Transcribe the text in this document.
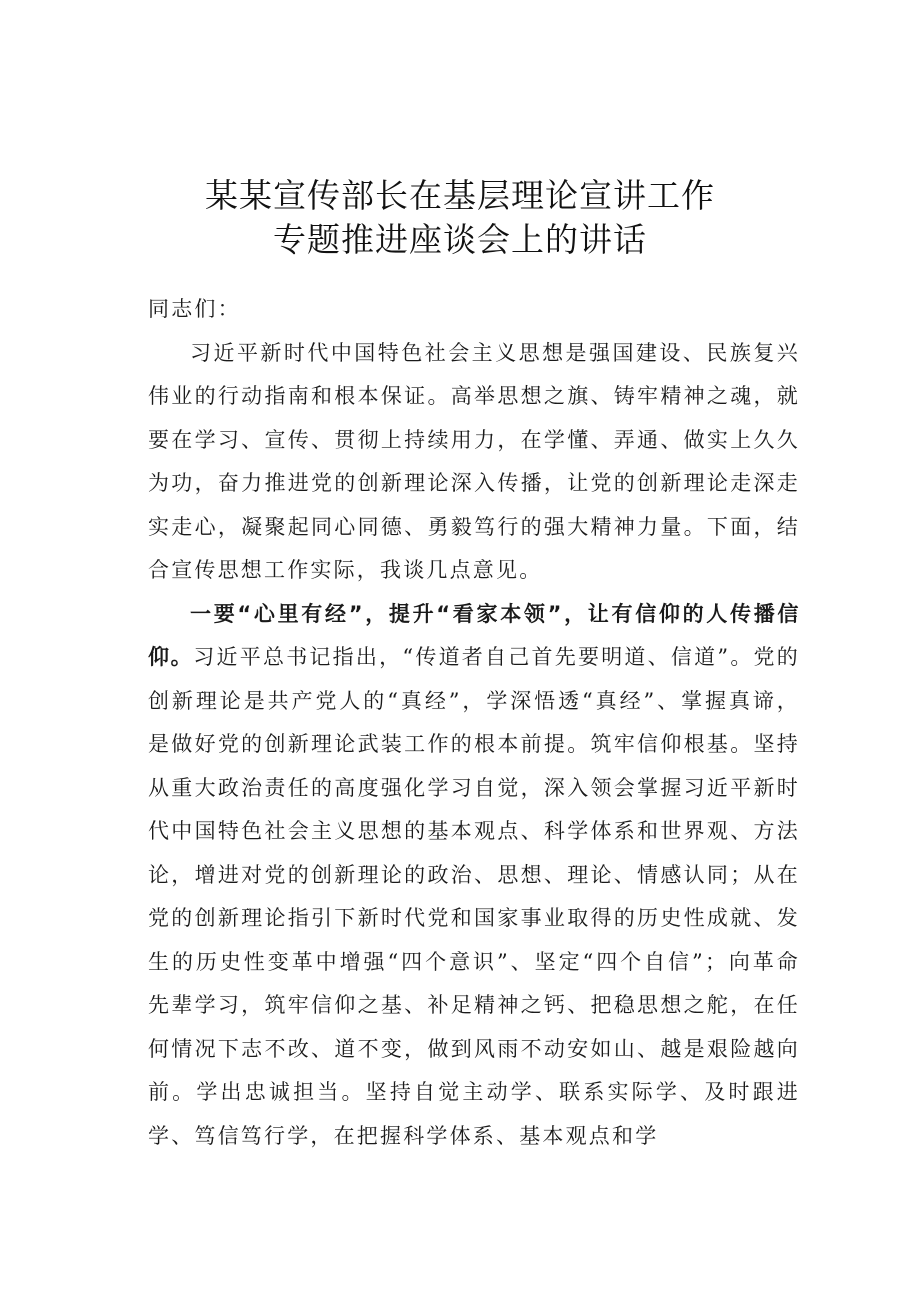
某某宣传部长在基层理论宣讲工作
专题推进座谈会上的讲话

同志们：

习近平新时代中国特色社会主义思想是强国建设、民族复兴伟业的行动指南和根本保证。高举思想之旗、铸牢精神之魂，就要在学习、宣传、贯彻上持续用力，在学懂、弄通、做实上久久为功，奋力推进党的创新理论深入传播，让党的创新理论走深走实走心，凝聚起同心同德、勇毅笃行的强大精神力量。下面，结合宣传思想工作实际，我谈几点意见。

一要“心里有经”，提升“看家本领”，让有信仰的人传播信仰。习近平总书记指出，“传道者自己首先要明道、信道”。党的创新理论是共产党人的“真经”，学深悟透“真经”、掌握真谛，是做好党的创新理论武装工作的根本前提。筑牢信仰根基。坚持从重大政治责任的高度强化学习自觉，深入领会掌握习近平新时代中国特色社会主义思想的基本观点、科学体系和世界观、方法论，增进对党的创新理论的政治、思想、理论、情感认同；从在党的创新理论指引下新时代党和国家事业取得的历史性成就、发生的历史性变革中增强“四个意识”、坚定“四个自信”；向革命先辈学习，筑牢信仰之基、补足精神之钙、把稳思想之舵，在任何情况下志不改、道不变，做到风雨不动安如山、越是艰险越向前。学出忠诚担当。坚持自觉主动学、联系实际学、及时跟进学、笃信笃行学，在把握科学体系、基本观点和学
